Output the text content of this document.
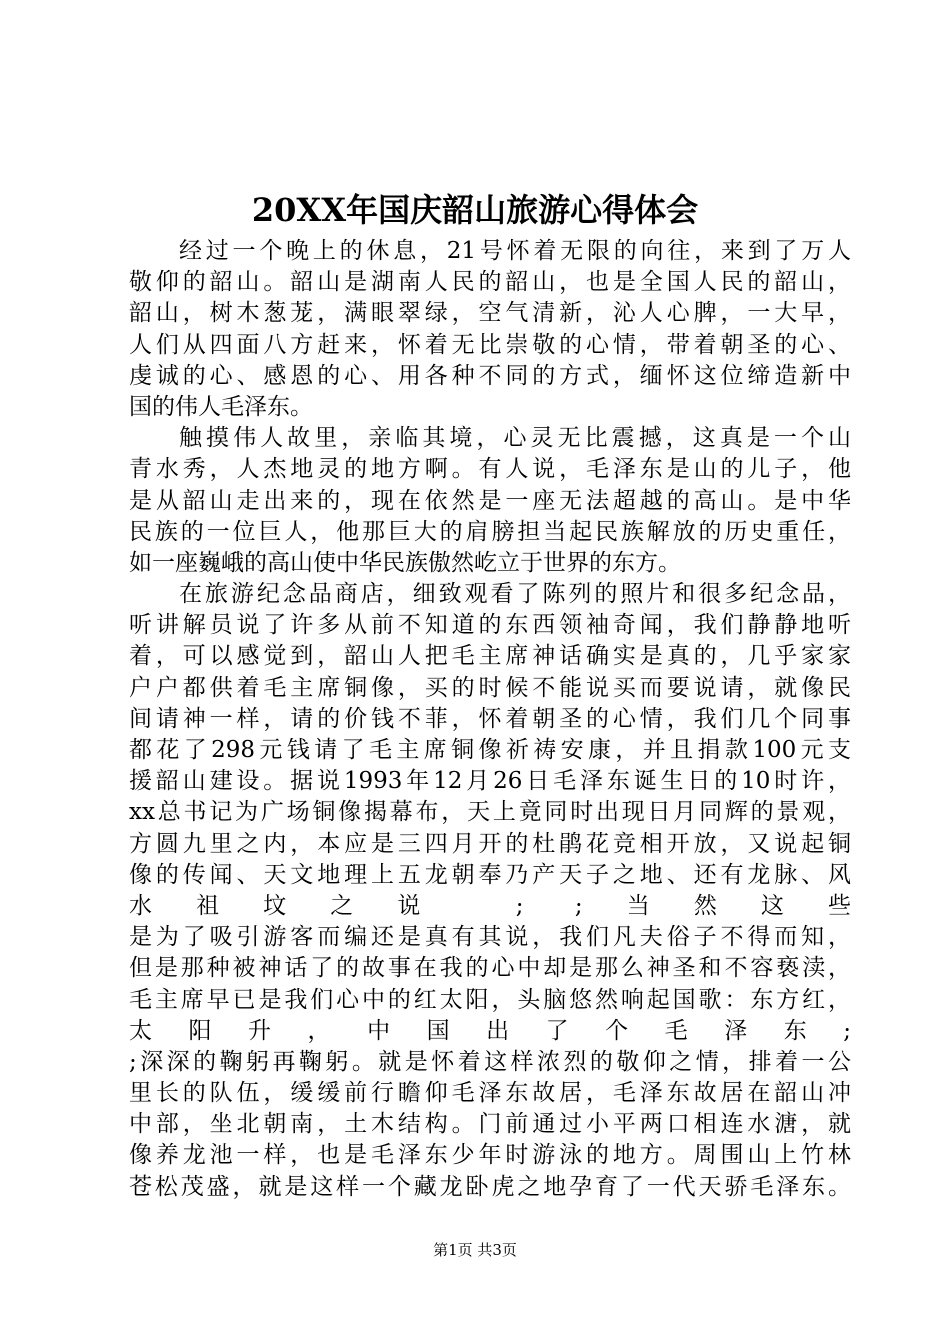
20XX年国庆韶山旅游心得体会
经过一个晚上的休息，21号怀着无限的向往，来到了万人
敬仰的韶山。韶山是湖南人民的韶山，也是全国人民的韶山，
韶山，树木葱茏，满眼翠绿，空气清新，沁人心脾，一大早，
人们从四面八方赶来，怀着无比崇敬的心情，带着朝圣的心、
虔诚的心、感恩的心、用各种不同的方式，缅怀这位缔造新中
国的伟人毛泽东。
触摸伟人故里，亲临其境，心灵无比震撼，这真是一个山
青水秀，人杰地灵的地方啊。有人说，毛泽东是山的儿子，他
是从韶山走出来的，现在依然是一座无法超越的高山。是中华
民族的一位巨人，他那巨大的肩膀担当起民族解放的历史重任，
如一座巍峨的高山使中华民族傲然屹立于世界的东方。
在旅游纪念品商店，细致观看了陈列的照片和很多纪念品，
听讲解员说了许多从前不知道的东西领袖奇闻，我们静静地听
着，可以感觉到，韶山人把毛主席神话确实是真的，几乎家家
户户都供着毛主席铜像，买的时候不能说买而要说请，就像民
间请神一样，请的价钱不菲，怀着朝圣的心情，我们几个同事
都花了298元钱请了毛主席铜像祈祷安康，并且捐款100元支
援韶山建设。据说1993年12月26日毛泽东诞生日的10时许，
xx总书记为广场铜像揭幕布，天上竟同时出现日月同辉的景观，
方圆九里之内，本应是三四月开的杜鹃花竞相开放，又说起铜
像的传闻、天文地理上五龙朝奉乃产天子之地、还有龙脉、风
水祖坟之说 ; ;当然这些
是为了吸引游客而编还是真有其说，我们凡夫俗子不得而知，
但是那种被神话了的故事在我的心中却是那么神圣和不容亵渎，
毛主席早已是我们心中的红太阳，头脑悠然响起国歌：东方红，
太 阳 升 ， 中 国 出 了 个 毛 泽 东 ;
;深深的鞠躬再鞠躬。就是怀着这样浓烈的敬仰之情，排着一公
里长的队伍，缓缓前行瞻仰毛泽东故居，毛泽东故居在韶山冲
中部，坐北朝南，土木结构。门前通过小平两口相连水溏，就
像养龙池一样，也是毛泽东少年时游泳的地方。周围山上竹林
苍松茂盛，就是这样一个藏龙卧虎之地孕育了一代天骄毛泽东。
第1页 共3页
